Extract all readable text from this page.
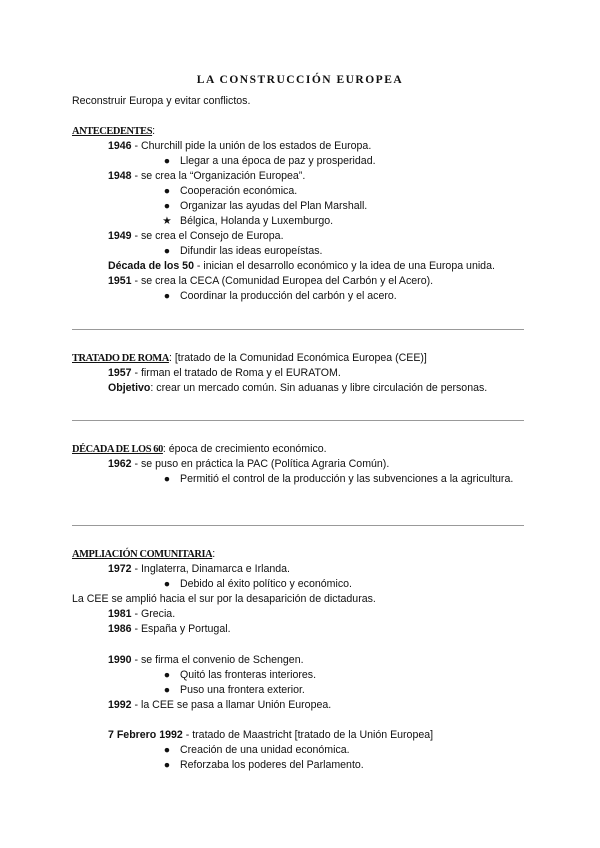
LA CONSTRUCCIÓN EUROPEA
Reconstruir Europa y evitar conflictos.
ANTECEDENTES:
1946 - Churchill pide la unión de los estados de Europa.
● Llegar a una época de paz y prosperidad.
1948 - se crea la “Organización Europea”.
● Cooperación económica.
● Organizar las ayudas del Plan Marshall.
★ Bélgica, Holanda y Luxemburgo.
1949 - se crea el Consejo de Europa.
● Difundir las ideas europeístas.
Década de los 50 - inician el desarrollo económico y la idea de una Europa unida.
1951 - se crea la CECA (Comunidad Europea del Carbón y el Acero).
● Coordinar la producción del carbón y el acero.
TRATADO DE ROMA: [tratado de la Comunidad Económica Europea (CEE)]
1957 - firman el tratado de Roma y el EURATOM.
Objetivo: crear un mercado común. Sin aduanas y libre circulación de personas.
DÉCADA DE LOS 60: época de crecimiento económico.
1962 - se puso en práctica la PAC (Política Agraria Común).
● Permitió el control de la producción y las subvenciones a la agricultura.
AMPLIACIÓN COMUNITARIA:
1972 - Inglaterra, Dinamarca e Irlanda.
● Debido al éxito político y económico.
La CEE se amplió hacia el sur por la desaparición de dictaduras.
1981 - Grecia.
1986 - España y Portugal.
1990 - se firma el convenio de Schengen.
● Quitó las fronteras interiores.
● Puso una frontera exterior.
1992 - la CEE se pasa a llamar Unión Europea.
7 Febrero 1992 - tratado de Maastricht [tratado de la Unión Europea]
● Creación de una unidad económica.
● Reforzaba los poderes del Parlamento.
